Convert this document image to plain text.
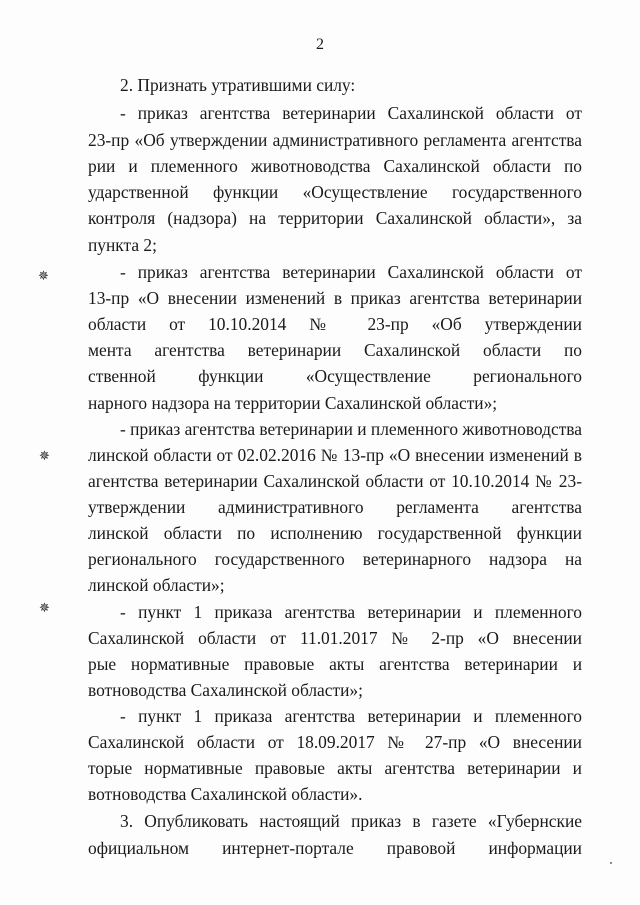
2
2. Признать утратившими силу:
- приказ агентства ветеринарии Сахалинской области от
23-пр «Об утверждении административного регламента агентства
рии и племенного животноводства Сахалинской области по
ударственной функции «Осуществление государственного
контроля (надзора) на территории Сахалинской области», за
пункта 2;
- приказ агентства ветеринарии Сахалинской области от
13-пр «О внесении изменений в приказ агентства ветеринарии
области от 10.10.2014 № 23-пр «Об утверждении
мента агентства ветеринарии Сахалинской области по
ственной функции «Осуществление регионального
нарного надзора на территории Сахалинской области»;
- приказ агентства ветеринарии и племенного животноводства
линской области от 02.02.2016 № 13-пр «О внесении изменений в
агентства ветеринарии Сахалинской области от 10.10.2014 № 23-
утверждении административного регламента агентства
линской области по исполнению государственной функции
регионального государственного ветеринарного надзора на
линской области»;
- пункт 1 приказа агентства ветеринарии и племенного
Сахалинской области от 11.01.2017 № 2-пр «О внесении
рые нормативные правовые акты агентства ветеринарии и
вотноводства Сахалинской области»;
- пункт 1 приказа агентства ветеринарии и племенного
Сахалинской области от 18.09.2017 № 27-пр «О внесении
торые нормативные правовые акты агентства ветеринарии и
вотноводства Сахалинской области».
3. Опубликовать настоящий приказ в газете «Губернские
официальном интернет-портале правовой информации
✵
✵
✵
